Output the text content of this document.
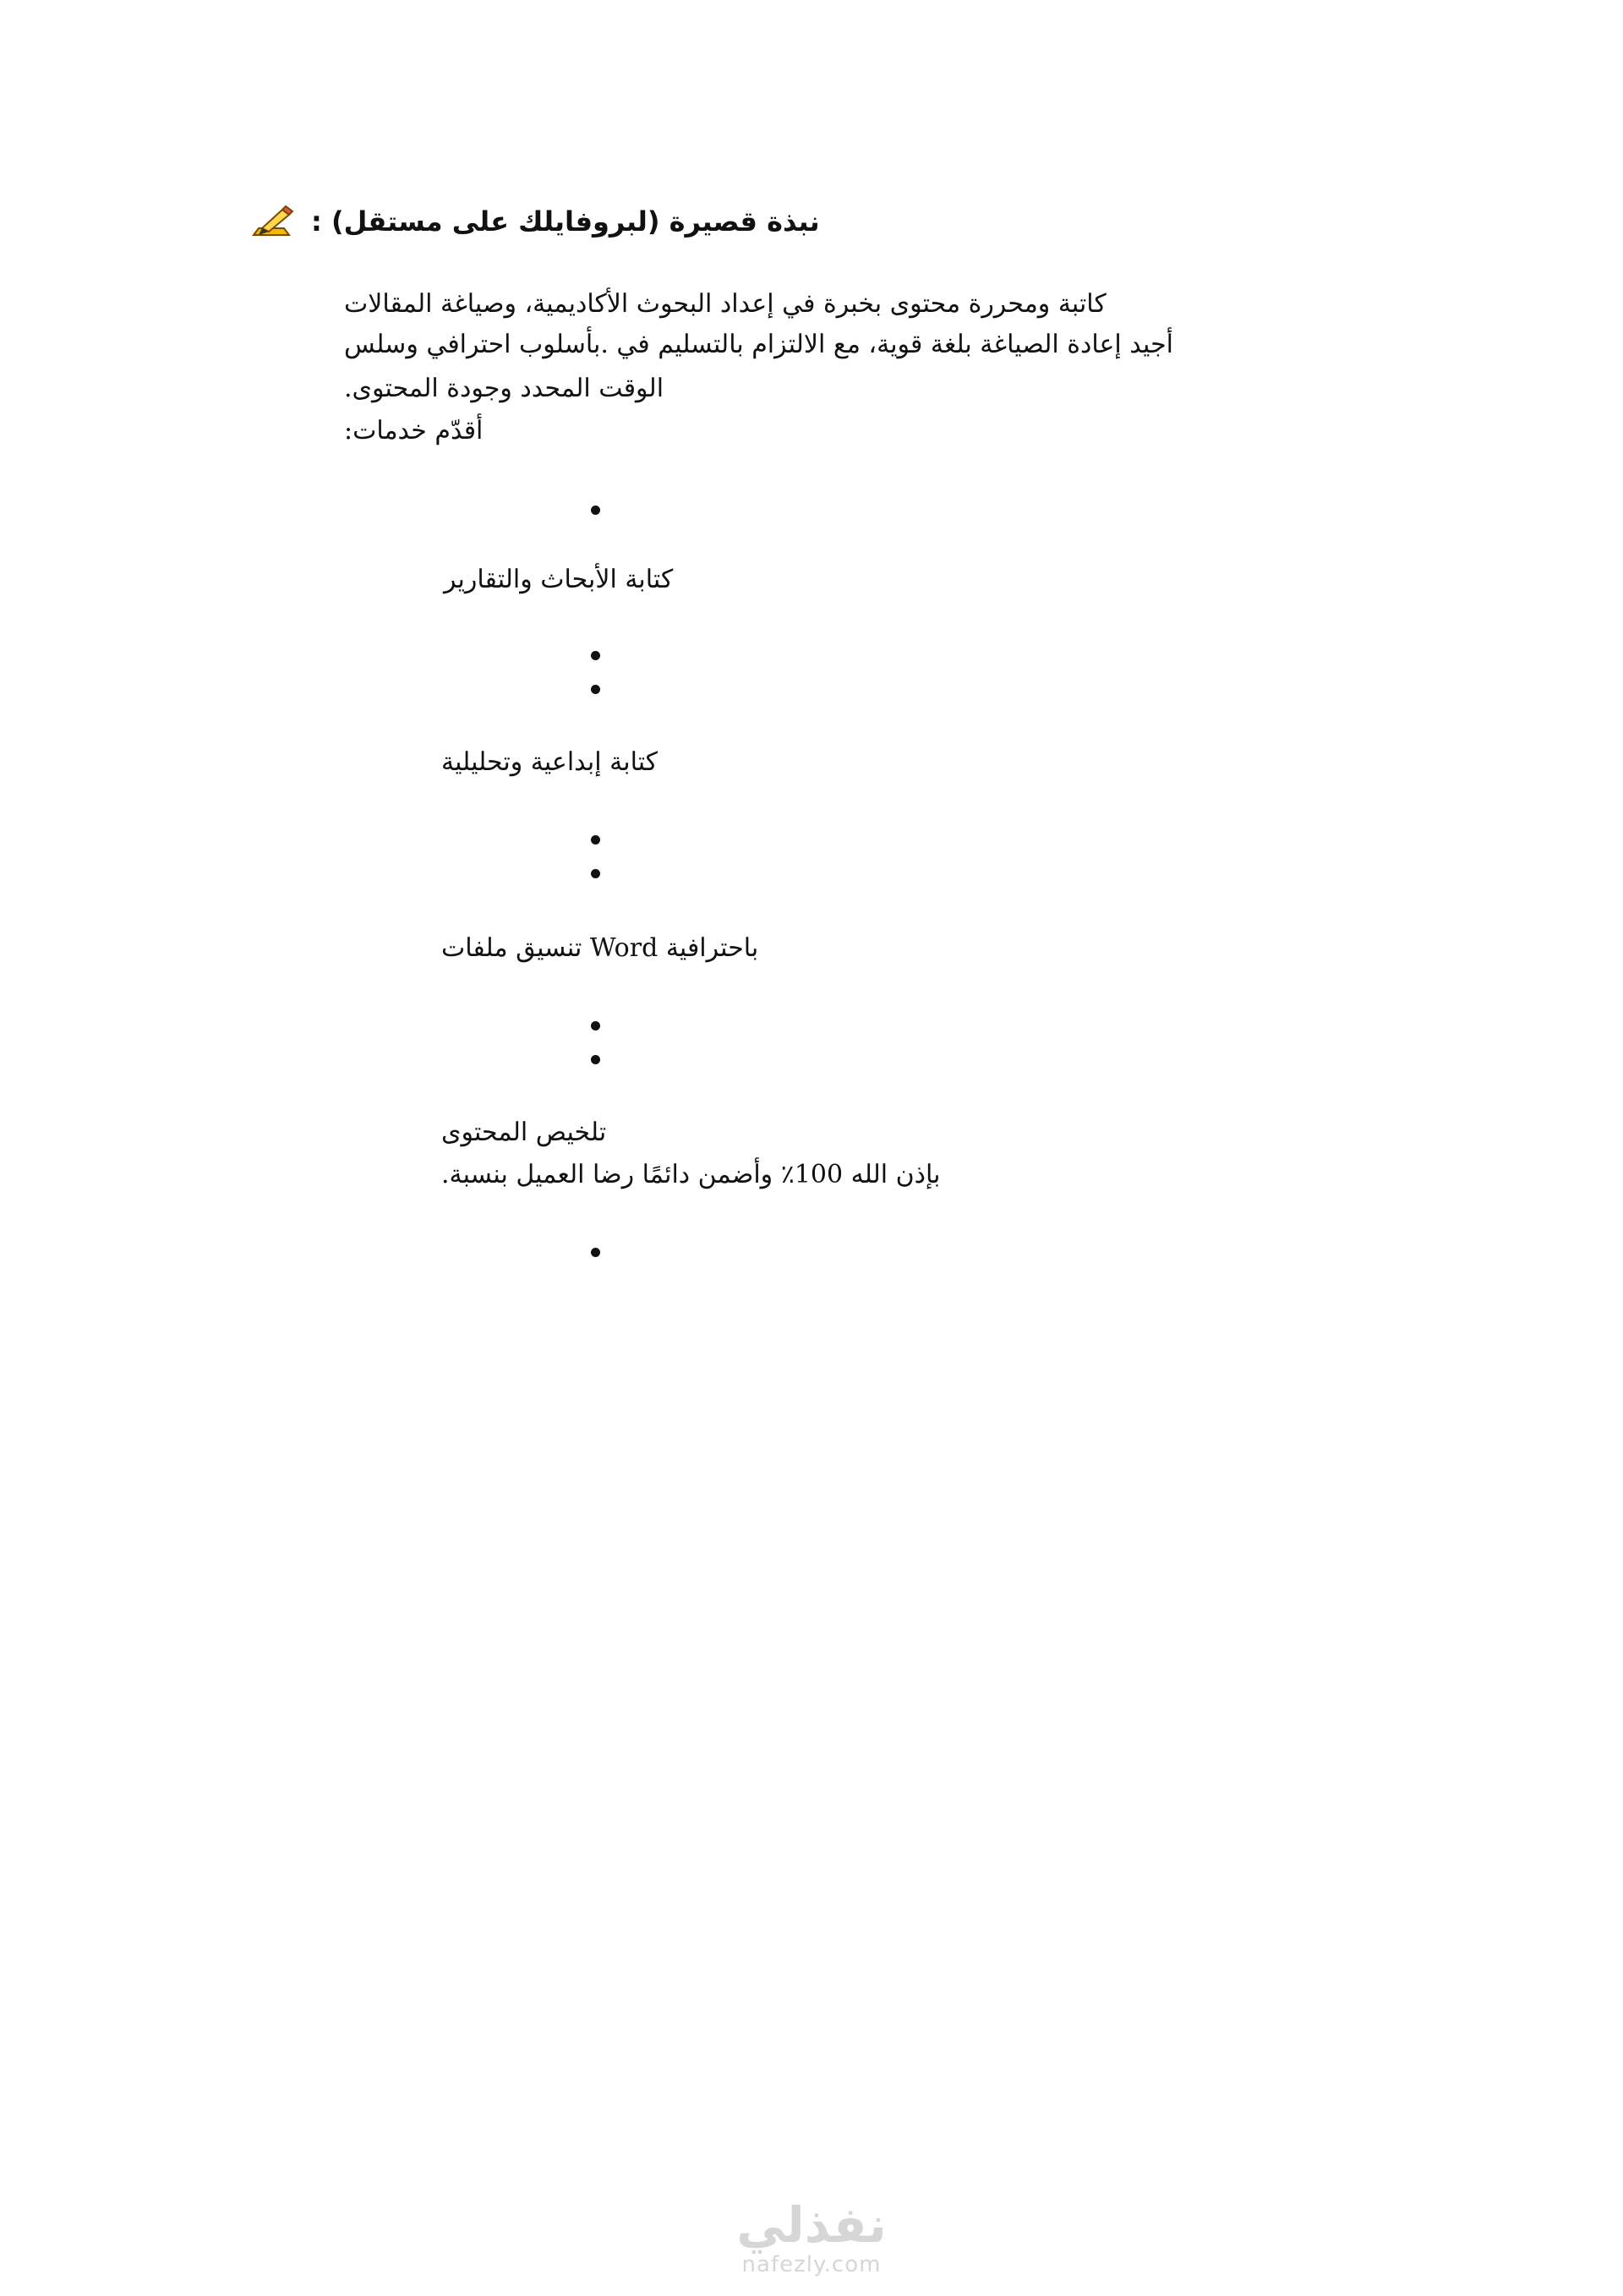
نبذة قصيرة (لبروفايلك على مستقل) :
كاتبة ومحررة محتوى بخبرة في إعداد البحوث الأكاديمية، وصياغة المقالات
أجيد إعادة الصياغة بلغة قوية، مع الالتزام بالتسليم في .بأسلوب احترافي وسلس
الوقت المحدد وجودة المحتوى.
أقدّم خدمات:
كتابة الأبحاث والتقارير
كتابة إبداعية وتحليلية
باحترافية Word تنسيق ملفات
تلخيص المحتوى
بإذن الله 100٪ وأضمن دائمًا رضا العميل بنسبة.
نفذلي
nafezly.com
